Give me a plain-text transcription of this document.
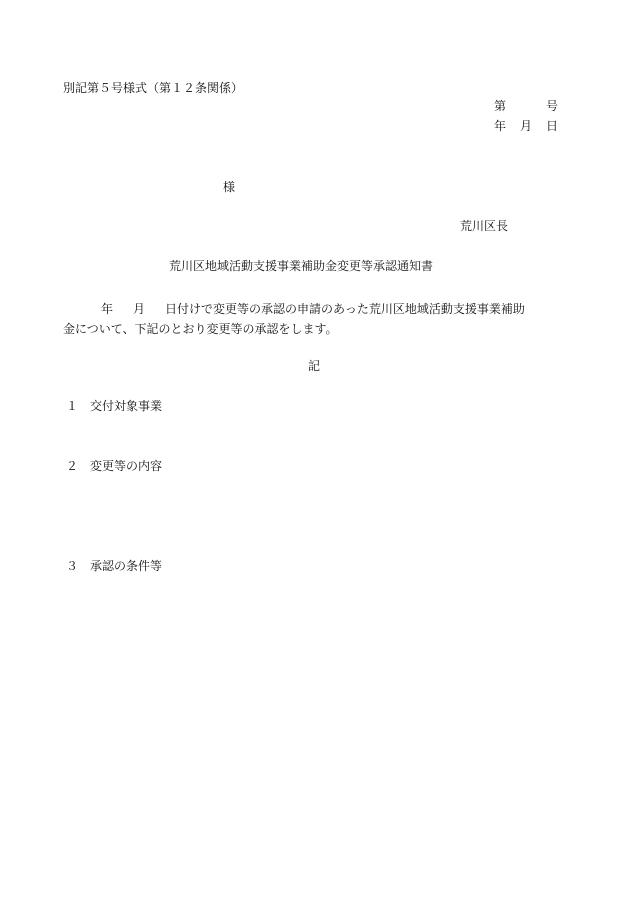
別記第５号様式（第１２条関係）
第	号
年 月 日
様
荒川区長
荒川区地域活動支援事業補助金変更等承認通知書
年 月 日付けで変更等の承認の申請のあった荒川区地域活動支援事業補助
金について、下記のとおり変更等の承認をします。
記
１ 交付対象事業
２ 変更等の内容
３ 承認の条件等
